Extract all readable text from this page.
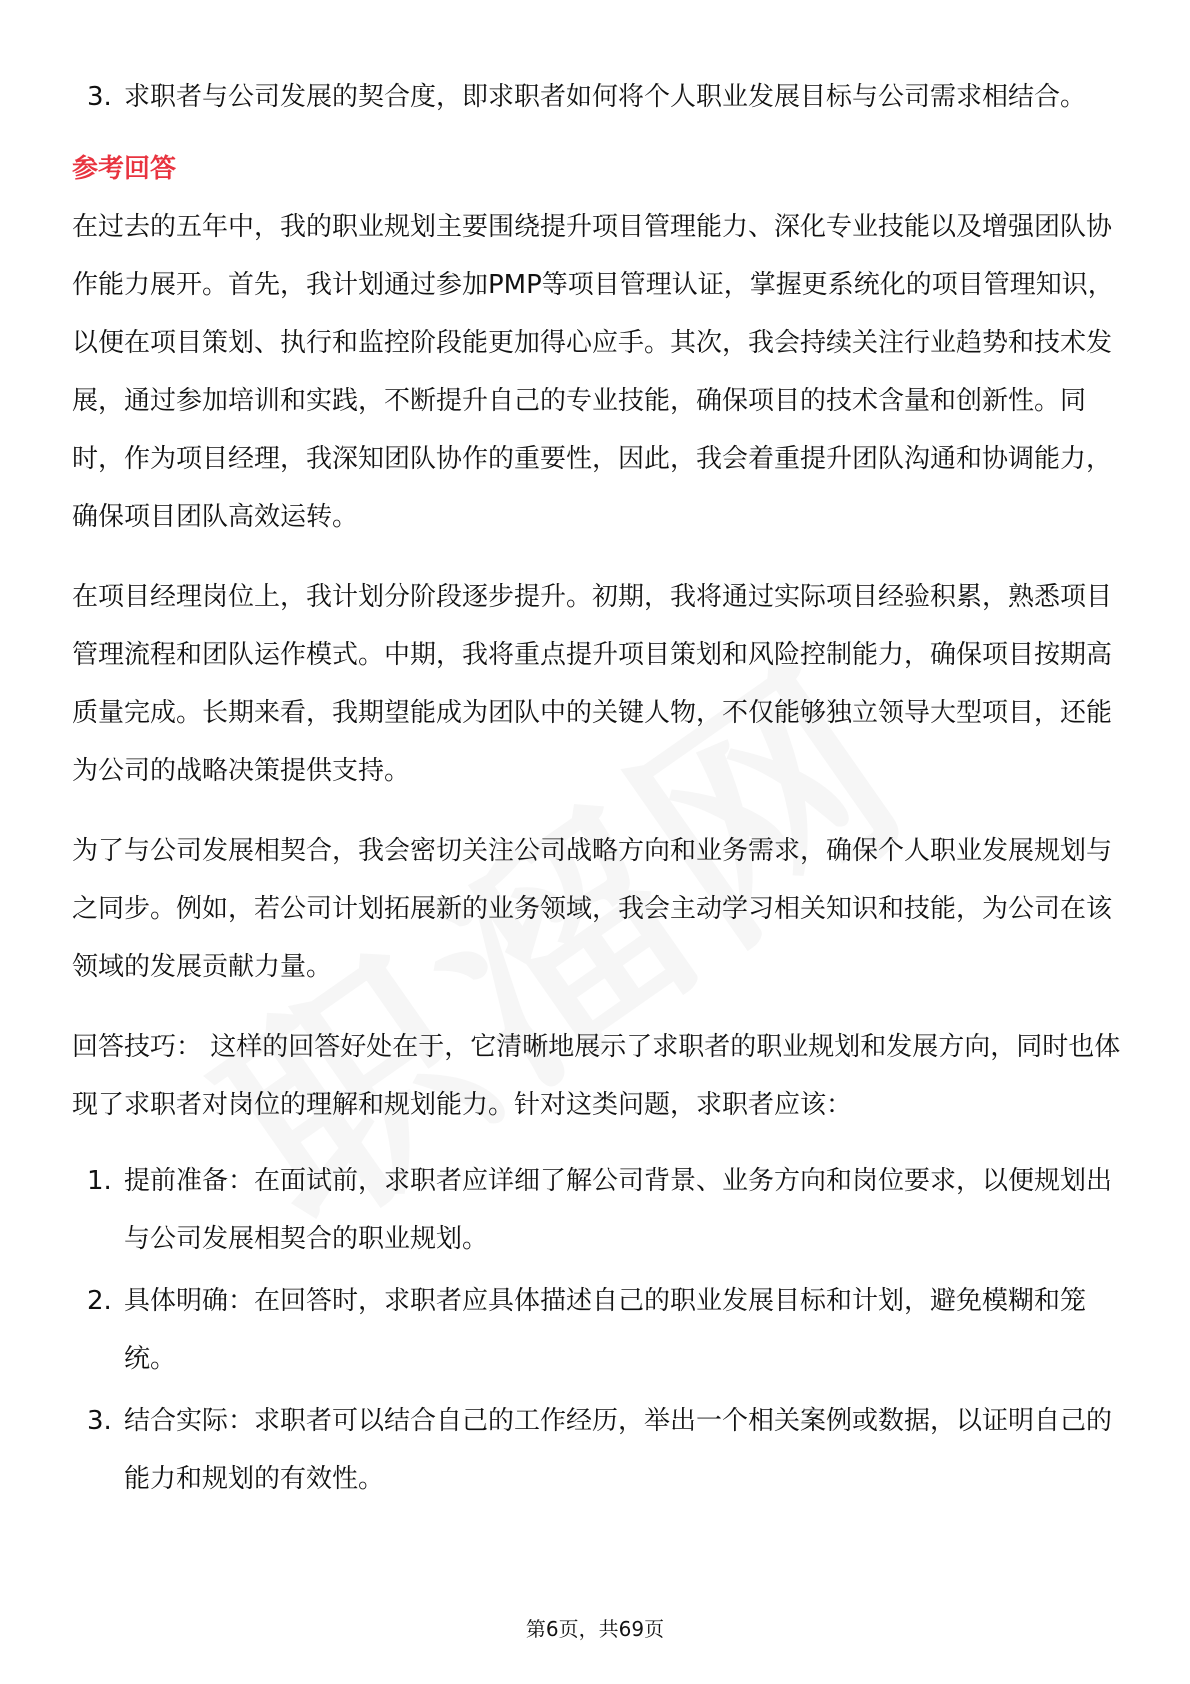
3. 求职者与公司发展的契合度，即求职者如何将个人职业发展目标与公司需求相结合。
参考回答

在过去的五年中，我的职业规划主要围绕提升项目管理能力、深化专业技能以及增强团队协作能力展开。首先，我计划通过参加PMP等项目管理认证，掌握更系统化的项目管理知识，以便在项目策划、执行和监控阶段能更加得心应手。其次，我会持续关注行业趋势和技术发展，通过参加培训和实践，不断提升自己的专业技能，确保项目的技术含量和创新性。同时，作为项目经理，我深知团队协作的重要性，因此，我会着重提升团队沟通和协调能力，确保项目团队高效运转。

在项目经理岗位上，我计划分阶段逐步提升。初期，我将通过实际项目经验积累，熟悉项目管理流程和团队运作模式。中期，我将重点提升项目策划和风险控制能力，确保项目按期高质量完成。长期来看，我期望能成为团队中的关键人物，不仅能够独立领导大型项目，还能为公司的战略决策提供支持。

为了与公司发展相契合，我会密切关注公司战略方向和业务需求，确保个人职业发展规划与之同步。例如，若公司计划拓展新的业务领域，我会主动学习相关知识和技能，为公司在该领域的发展贡献力量。

回答技巧： 这样的回答好处在于，它清晰地展示了求职者的职业规划和发展方向，同时也体现了求职者对岗位的理解和规划能力。针对这类问题，求职者应该：

1. 提前准备：在面试前，求职者应详细了解公司背景、业务方向和岗位要求，以便规划出与公司发展相契合的职业规划。
2. 具体明确：在回答时，求职者应具体描述自己的职业发展目标和计划，避免模糊和笼统。
3. 结合实际：求职者可以结合自己的工作经历，举出一个相关案例或数据，以证明自己的能力和规划的有效性。
第6页，共69页
